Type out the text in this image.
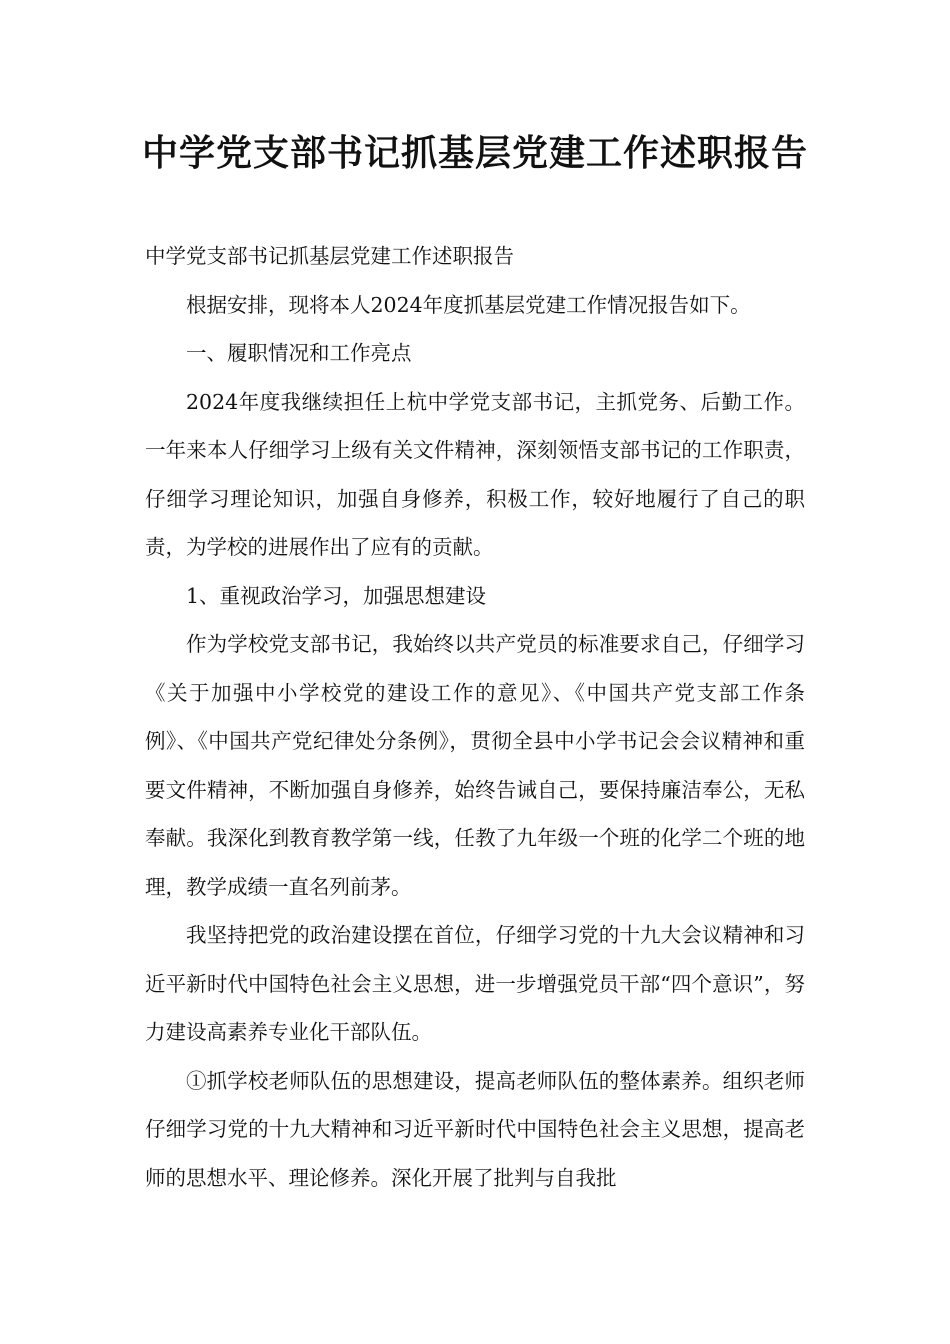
中学党支部书记抓基层党建工作述职报告

中学党支部书记抓基层党建工作述职报告

根据安排，现将本人2024年度抓基层党建工作情况报告如下。

一、履职情况和工作亮点

2024年度我继续担任上杭中学党支部书记，主抓党务、后勤工作。一年来本人仔细学习上级有关文件精神，深刻领悟支部书记的工作职责，仔细学习理论知识，加强自身修养，积极工作，较好地履行了自己的职责，为学校的进展作出了应有的贡献。

1、重视政治学习，加强思想建设

作为学校党支部书记，我始终以共产党员的标准要求自己，仔细学习《关于加强中小学校党的建设工作的意见》、《中国共产党支部工作条例》、《中国共产党纪律处分条例》，贯彻全县中小学书记会会议精神和重要文件精神，不断加强自身修养，始终告诫自己，要保持廉洁奉公，无私奉献。我深化到教育教学第一线，任教了九年级一个班的化学二个班的地理，教学成绩一直名列前茅。

我坚持把党的政治建设摆在首位，仔细学习党的十九大会议精神和习近平新时代中国特色社会主义思想，进一步增强党员干部“四个意识”，努力建设高素养专业化干部队伍。

①抓学校老师队伍的思想建设，提高老师队伍的整体素养。组织老师仔细学习党的十九大精神和习近平新时代中国特色社会主义思想，提高老师的思想水平、理论修养。深化开展了批判与自我批
